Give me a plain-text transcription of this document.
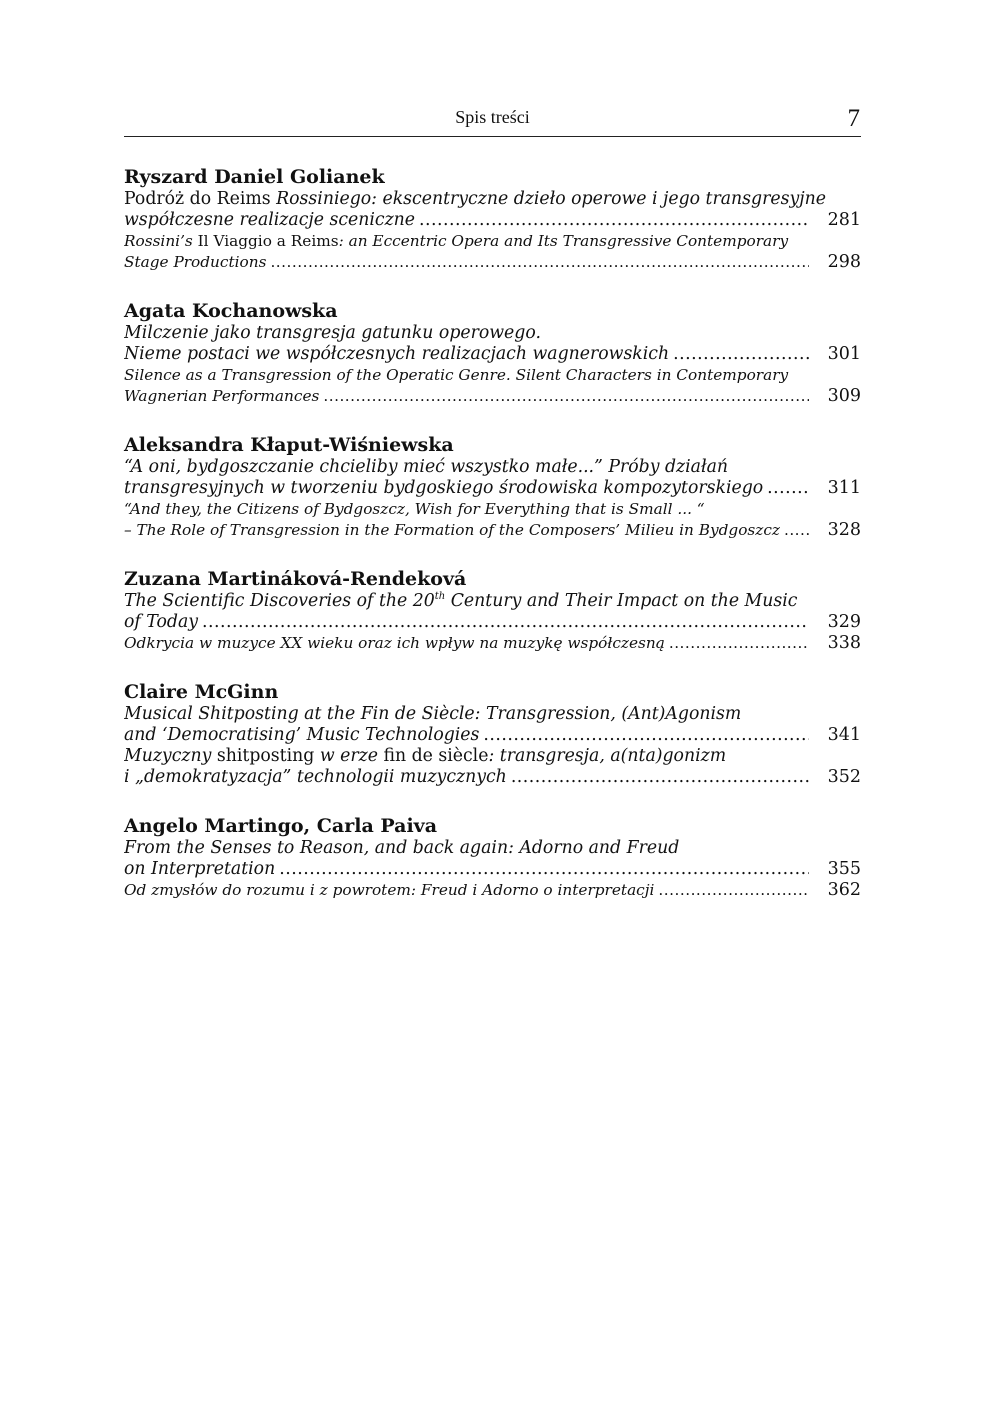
Spis treści	7
Ryszard Daniel Golianek
Podróż do Reims Rossiniego: ekscentryczne dzieło operowe i jego transgresyjne
współczesne realizacje sceniczne .....	281
Rossini’s Il Viaggio a Reims: an Eccentric Opera and Its Transgressive Contemporary
Stage Productions .....	298
Agata Kochanowska
Milczenie jako transgresja gatunku operowego.
Nieme postaci we współczesnych realizacjach wagnerowskich .....	301
Silence as a Transgression of the Operatic Genre. Silent Characters in Contemporary
Wagnerian Performances .....	309
Aleksandra Kłaput-Wiśniewska
“A oni, bydgoszczanie chcieliby mieć wszystko małe...” Próby działań
transgresyjnych w tworzeniu bydgoskiego środowiska kompozytorskiego .....	311
“And they, the Citizens of Bydgoszcz, Wish for Everything that is Small ... “
– The Role of Transgression in the Formation of the Composers’ Milieu in Bydgoszcz .....	328
Zuzana Martináková-Rendeková
The Scientific Discoveries of the 20th Century and Their Impact on the Music
of Today .....	329
Odkrycia w muzyce XX wieku oraz ich wpływ na muzykę współczesną .....	338
Claire McGinn
Musical Shitposting at the Fin de Siècle: Transgression, (Ant)Agonism
and ‘Democratising’ Music Technologies .....	341
Muzyczny shitposting w erze fin de siècle: transgresja, a(nta)gonizm
i „demokratyzacja” technologii muzycznych .....	352
Angelo Martingo, Carla Paiva
From the Senses to Reason, and back again: Adorno and Freud
on Interpretation .....	355
Od zmysłów do rozumu i z powrotem: Freud i Adorno o interpretacji .....	362
